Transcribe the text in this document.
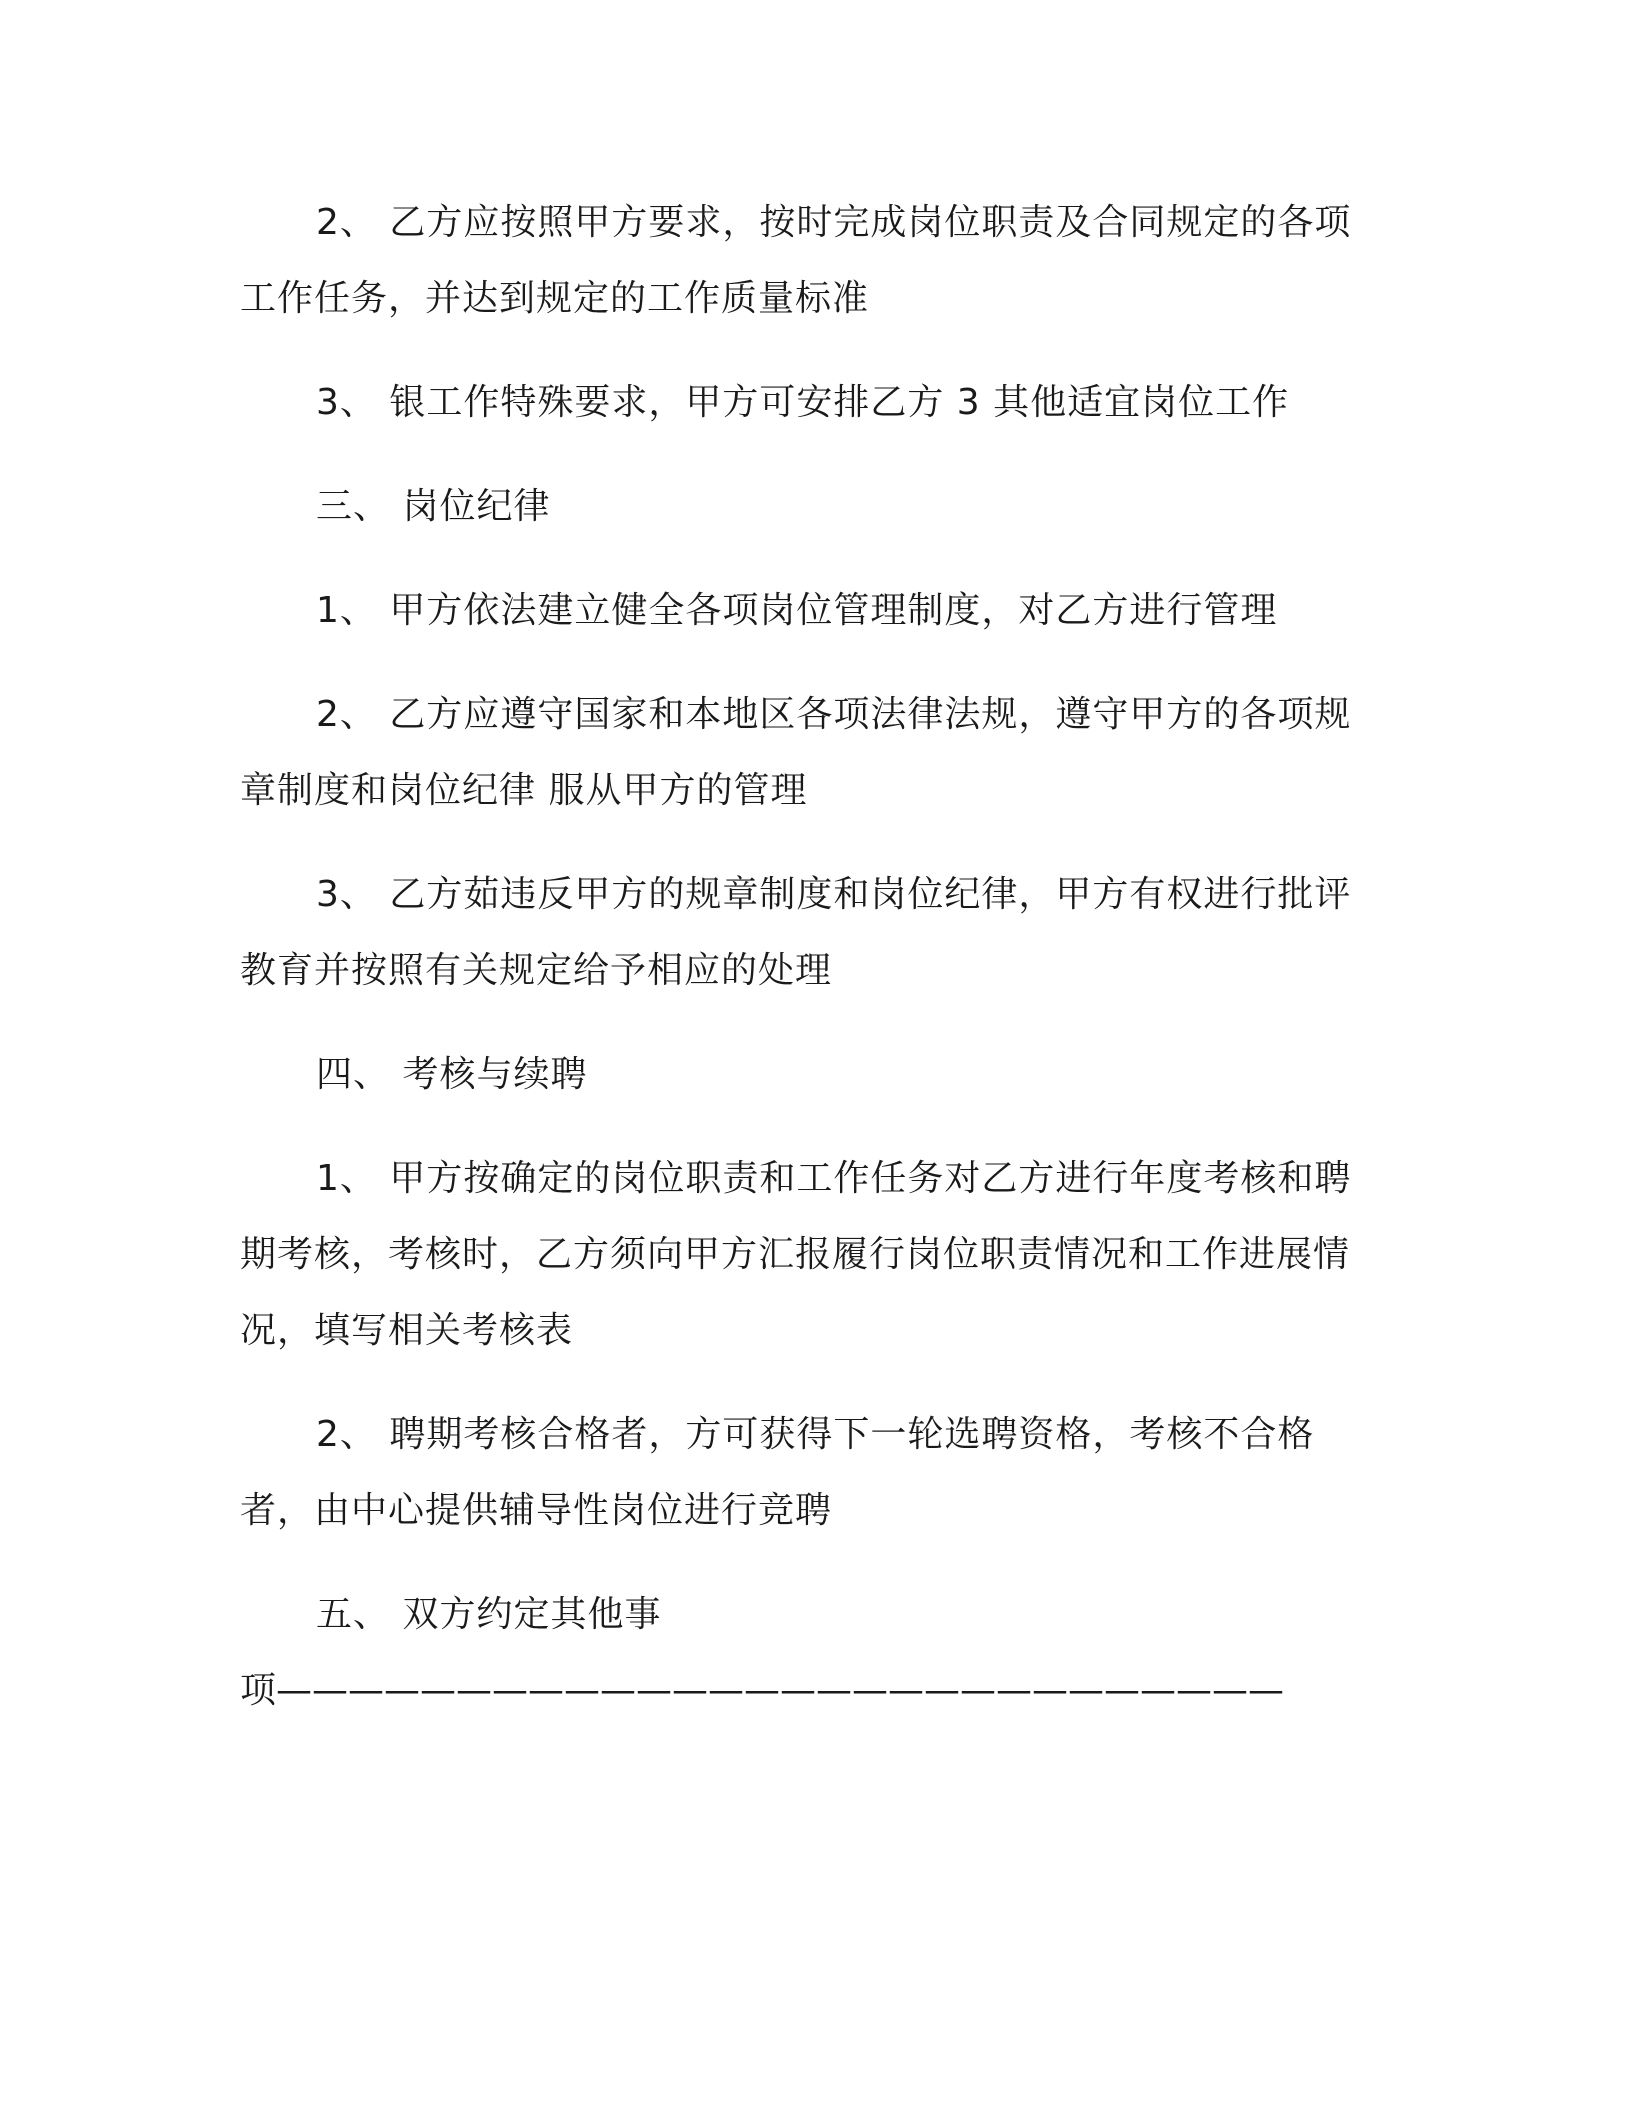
2、 乙方应按照甲方要求，按时完成岗位职责及合同规定的各项工作任务，并达到规定的工作质量标准

3、 银工作特殊要求，甲方可安排乙方 3 其他适宜岗位工作

三、 岗位纪律

1、 甲方依法建立健全各项岗位管理制度，对乙方进行管理

2、 乙方应遵守国家和本地区各项法律法规，遵守甲方的各项规章制度和岗位纪律 服从甲方的管理

3、 乙方茹违反甲方的规章制度和岗位纪律，甲方有权进行批评教育并按照有关规定给予相应的处理

四、 考核与续聘

1、 甲方按确定的岗位职责和工作任务对乙方进行年度考核和聘期考核，考核时，乙方须向甲方汇报履行岗位职责情况和工作进展情况，填写相关考核表

2、 聘期考核合格者，方可获得下一轮选聘资格，考核不合格者，由中心提供辅导性岗位进行竞聘

五、 双方约定其他事

项————————————————————————————
